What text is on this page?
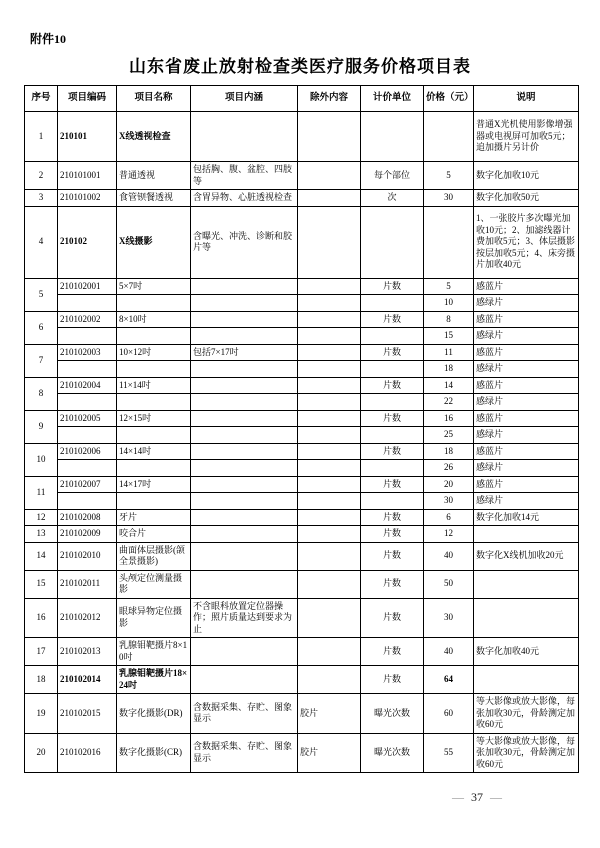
附件10
山东省废止放射检查类医疗服务价格项目表
序号	项目编码	项目名称	项目内涵	除外内容	计价单位	价格（元）	说明
1	210101	X线透视检查					普通X光机使用影像增强器或电视屏可加收5元；追加摄片另计价
2	210101001	普通透视	包括胸、腹、盆腔、四肢等		每个部位	5	数字化加收10元
3	210101002	食管钡餐透视	含胃异物、心脏透视检查		次	30	数字化加收50元
4	210102	X线摄影	含曝光、冲洗、诊断和胶片等				1、一张胶片多次曝光加收10元；2、加滤线器计费加收5元；3、体层摄影按层加收5元；4、床旁摄片加收40元
5	210102001	5×7吋			片数	5	感蓝片
						10	感绿片
6	210102002	8×10吋			片数	8	感蓝片
						15	感绿片
7	210102003	10×12吋	包括7×17吋		片数	11	感蓝片
						18	感绿片
8	210102004	11×14吋			片数	14	感蓝片
						22	感绿片
9	210102005	12×15吋			片数	16	感蓝片
						25	感绿片
10	210102006	14×14吋			片数	18	感蓝片
						26	感绿片
11	210102007	14×17吋			片数	20	感蓝片
						30	感绿片
12	210102008	牙片			片数	6	数字化加收14元
13	210102009	咬合片			片数	12	
14	210102010	曲面体层摄影(颌全景摄影)			片数	40	数字化X线机加收20元
15	210102011	头颅定位测量摄影			片数	50	
16	210102012	眼球异物定位摄影	不含眼科放置定位器操作；照片质量达到要求为止		片数	30	
17	210102013	乳腺钼靶摄片8×10吋			片数	40	数字化加收40元
18	210102014	乳腺钼靶摄片18×24吋			片数	64	
19	210102015	数字化摄影(DR)	含数据采集、存贮、图象显示	胶片	曝光次数	60	等大影像或放大影像，每张加收30元，骨龄测定加收60元
20	210102016	数字化摄影(CR)	含数据采集、存贮、图象显示	胶片	曝光次数	55	等大影像或放大影像，每张加收30元，骨龄测定加收60元
— 37 —
